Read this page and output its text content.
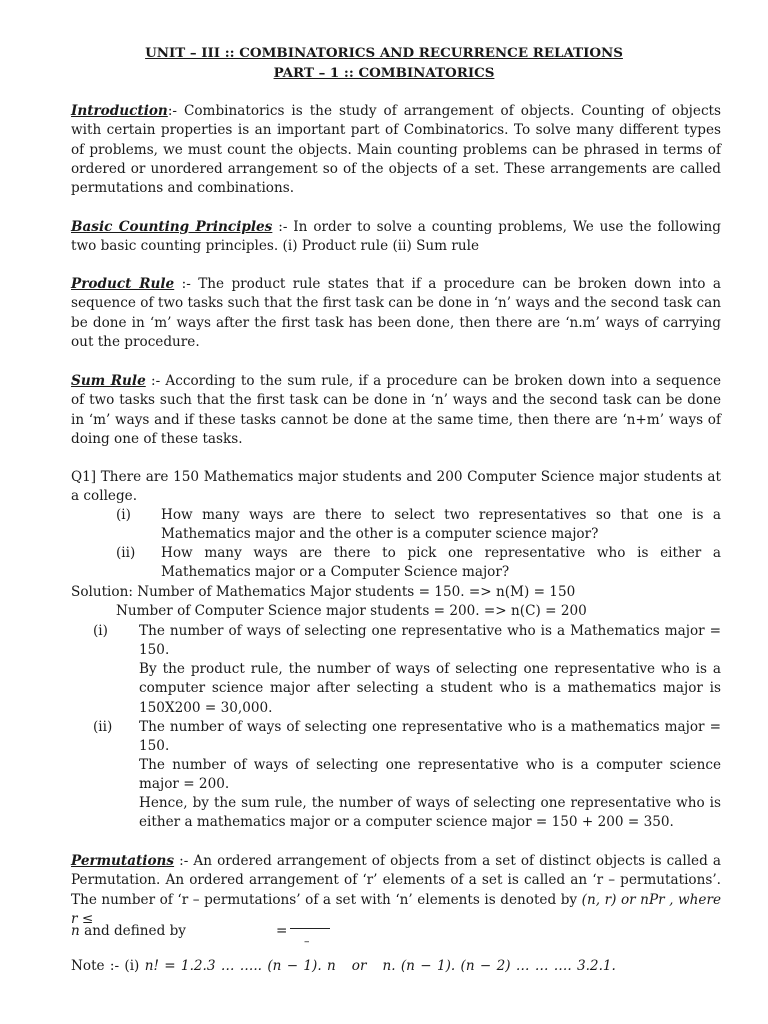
UNIT – III :: COMBINATORICS AND RECURRENCE RELATIONS
PART – 1 :: COMBINATORICS
Introduction:- Combinatorics is the study of arrangement of objects. Counting of objects with certain properties is an important part of Combinatorics. To solve many different types of problems, we must count the objects. Main counting problems can be phrased in terms of ordered or unordered arrangement so of the objects of a set. These arrangements are called permutations and combinations.
Basic Counting Principles :- In order to solve a counting problems, We use the following two basic counting principles. (i) Product rule (ii) Sum rule
Product Rule :- The product rule states that if a procedure can be broken down into a sequence of two tasks such that the first task can be done in ‘n’ ways and the second task can be done in ‘m’ ways after the first task has been done, then there are ‘n.m’ ways of carrying out the procedure.
Sum Rule :- According to the sum rule, if a procedure can be broken down into a sequence of two tasks such that the first task can be done in ‘n’ ways and the second task can be done in ‘m’ ways and if these tasks cannot be done at the same time, then there are ‘n+m’ ways of doing one of these tasks.
Q1] There are 150 Mathematics major students and 200 Computer Science major students at a college.
(i) How many ways are there to select two representatives so that one is a Mathematics major and the other is a computer science major?
(ii) How many ways are there to pick one representative who is either a Mathematics major or a Computer Science major?
Solution: Number of Mathematics Major students = 150. => n(M) = 150
Number of Computer Science major students = 200. => n(C) = 200
(i) The number of ways of selecting one representative who is a Mathematics major = 150.
By the product rule, the number of ways of selecting one representative who is a computer science major after selecting a student who is a mathematics major is 150X200 = 30,000.
(ii) The number of ways of selecting one representative who is a mathematics major = 150.
The number of ways of selecting one representative who is a computer science major = 200.
Hence, by the sum rule, the number of ways of selecting one representative who is either a mathematics major or a computer science major = 150 + 200 = 350.
Permutations :- An ordered arrangement of objects from a set of distinct objects is called a Permutation. An ordered arrangement of ‘r’ elements of a set is called an ‘r – permutations’. The number of ‘r – permutations’ of a set with ‘n’ elements is denoted by (n, r) or nPr , where r ≤
n and defined by	=
–
Note :- (i) n! = 1.2.3 … ….. (n − 1). n or n. (n − 1). (n − 2) … … …. 3.2.1.
